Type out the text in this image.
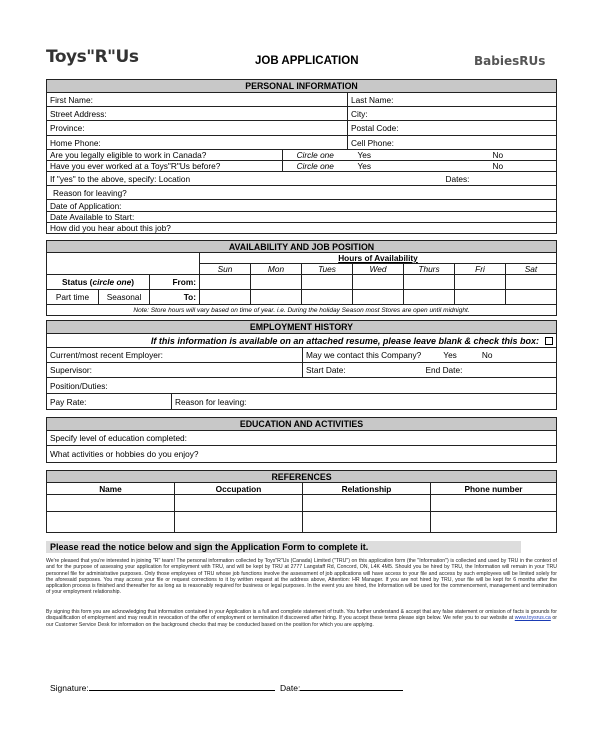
Toys"R"Us	JOB APPLICATION	BabiesRUs
PERSONAL INFORMATION			
First Name:		Last Name:	
Street Address:		City:	
Province:		Postal Code:	
Home Phone:		Cell Phone:	
Are you legally eligible to work in Canada?	Circle one	Yes	No
Have you ever worked at a Toys"R"Us before?	Circle one	Yes	No
If "yes" to the above, specify: Location			Dates:
Reason for leaving?			
Date of Application:			
Date Available to Start:			
How did you hear about this job?			
AVAILABILITY AND JOB POSITION									
			Hours of Availability						
			Sun	Mon	Tues	Wed	Thurs	Fri	Sat
Status (circle one)		From:							
Part time	Seasonal	To:							
Note: Store hours will vary based on time of year. i.e. During the holiday Season most Stores are open until midnight.									
EMPLOYMENT HISTORY			
If this information is available on an attached resume, please leave blank & check this box:			
Current/most recent Employer:		May we contact this Company? Yes No	
Supervisor:		Start Date:	End Date:
Position/Duties:			
Pay Rate:	Reason for leaving:		
EDUCATION AND ACTIVITIES
Specify level of education completed:
What activities or hobbies do you enjoy?
REFERENCES			
Name	Occupation	Relationship	Phone number

Please read the notice below and sign the Application Form to complete it.
We're pleased that you're interested in joining "R" team! The personal information collected by Toys"R"Us (Canada) Limited ("TRU") on this application form (the "Information") is collected and used by TRU in the context of and for the purpose of assessing your application for employment with TRU, and will be kept by TRU at 2777 Langstaff Rd, Concord, ON, L4K 4M5. Should you be hired by TRU, the Information will remain in your TRU personnel file for administrative purposes. Only those employees of TRU whose job functions involve the assessment of job applications will have access to your file and access by such employees will be limited solely for the aforesaid purposes. You may access your file or request corrections to it by written request at the address above, Attention: HR Manager. If you are not hired by TRU, your file will be kept for 6 months after the application process is finished and thereafter for as long as is reasonably required for business or legal purposes. In the event you are hired, the Information will be used for the commencement, management and termination of your employment relationship.
By signing this form you are acknowledging that information contained in your Application is a full and complete statement of truth. You further understand & accept that any false statement or omission of facts is grounds for disqualification of employment and may result in revocation of the offer of employment or termination if discovered after hiring. If you accept these terms please sign below. We refer you to our website at www.toysrus.ca or our Customer Service Desk for information on the background checks that may be conducted based on the position for which you are applying.
Signature:	Date:
